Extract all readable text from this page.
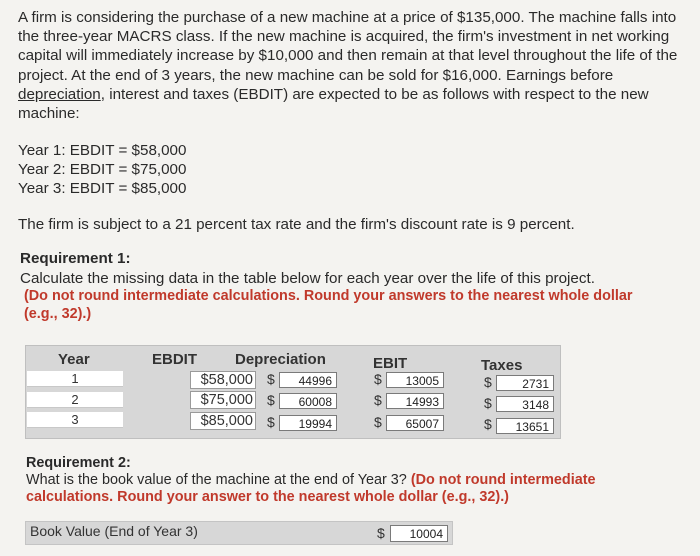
A firm is considering the purchase of a new machine at a price of $135,000. The machine falls into the three-year MACRS class. If the new machine is acquired, the firm's investment in net working capital will immediately increase by $10,000 and then remain at that level throughout the life of the project. At the end of 3 years, the new machine can be sold for $16,000. Earnings before depreciation, interest and taxes (EBDIT) are expected to be as follows with respect to the new machine:

Year 1: EBDIT = $58,000
Year 2: EBDIT = $75,000
Year 3: EBDIT = $85,000
The firm is subject to a 21 percent tax rate and the firm's discount rate is 9 percent.
Requirement 1:
Calculate the missing data in the table below for each year over the life of this project.
(Do not round intermediate calculations. Round your answers to the nearest whole dollar (e.g., 32).)
Year	EBDIT	Depreciation	EBIT	Taxes
1	$58,000 $	44996	$	13005	$	2731
2	$75,000 $	60008	$	14993	$	3148
3	$85,000 $	19994	$	65007	$	13651
Requirement 2:
What is the book value of the machine at the end of Year 3? (Do not round intermediate calculations. Round your answer to the nearest whole dollar (e.g., 32).)
Book Value (End of Year 3)	$	10004
